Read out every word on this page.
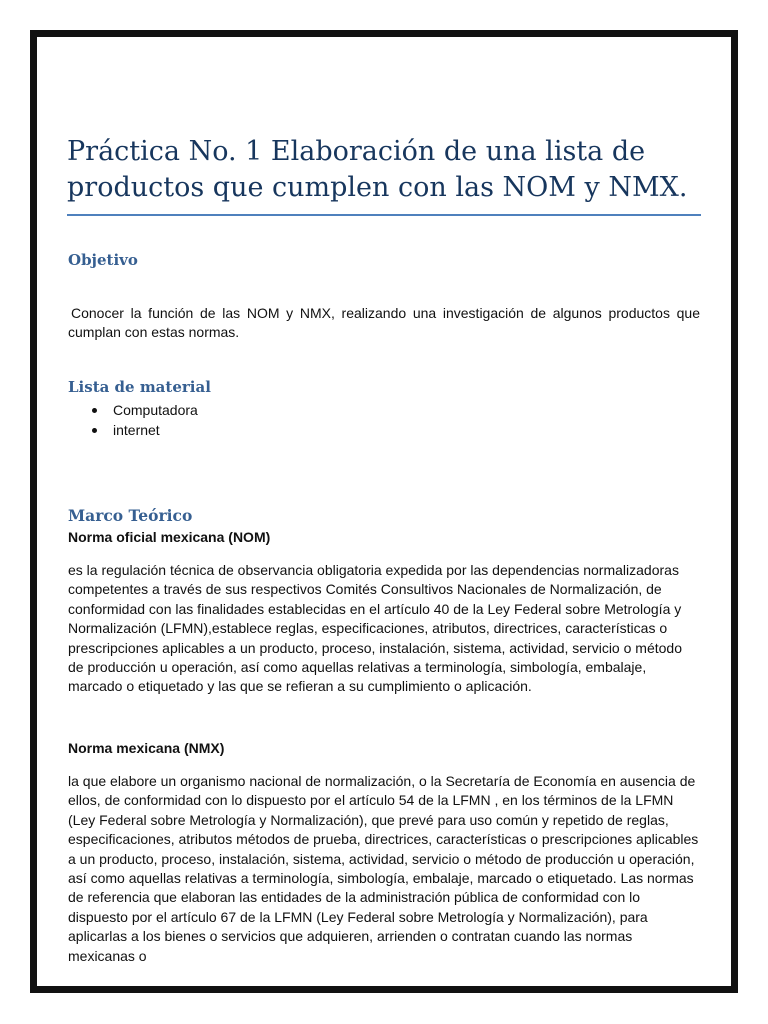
Práctica No. 1 Elaboración de una lista de productos que cumplen con las NOM y NMX.
Objetivo

Conocer la función de las NOM y NMX, realizando una investigación de algunos productos que cumplan con estas normas.

Lista de material
Computadora
internet
Marco Teórico

Norma oficial mexicana (NOM)

es la regulación técnica de observancia obligatoria expedida por las dependencias normalizadoras competentes a través de sus respectivos Comités Consultivos Nacionales de Normalización, de conformidad con las finalidades establecidas en el artículo 40 de la Ley Federal sobre Metrología y Normalización (LFMN),establece reglas, especificaciones, atributos, directrices, características o prescripciones aplicables a un producto, proceso, instalación, sistema, actividad, servicio o método de producción u operación, así como aquellas relativas a terminología, simbología, embalaje, marcado o etiquetado y las que se refieran a su cumplimiento o aplicación.

Norma mexicana (NMX)

la que elabore un organismo nacional de normalización, o la Secretaría de Economía en ausencia de ellos, de conformidad con lo dispuesto por el artículo 54 de la LFMN , en los términos de la LFMN (Ley Federal sobre Metrología y Normalización), que prevé para uso común y repetido de reglas, especificaciones, atributos métodos de prueba, directrices, características o prescripciones aplicables a un producto, proceso, instalación, sistema, actividad, servicio o método de producción u operación, así como aquellas relativas a terminología, simbología, embalaje, marcado o etiquetado. Las normas de referencia que elaboran las entidades de la administración pública de conformidad con lo dispuesto por el artículo 67 de la LFMN (Ley Federal sobre Metrología y Normalización), para aplicarlas a los bienes o servicios que adquieren, arrienden o contratan cuando las normas mexicanas o
